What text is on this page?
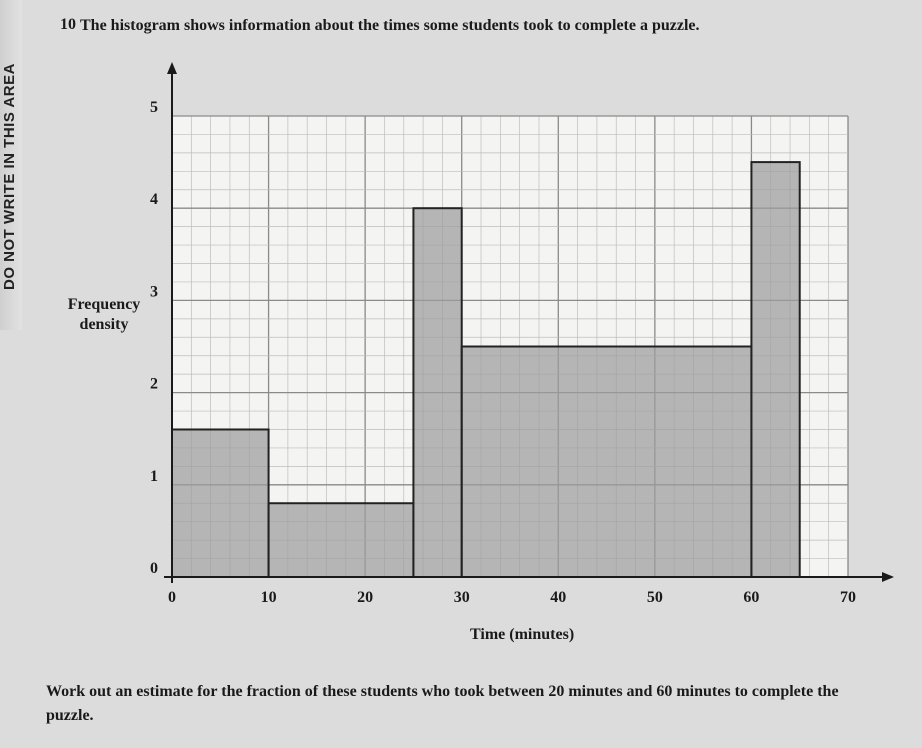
DO NOT WRITE IN THIS AREA
10 The histogram shows information about the times some students took to complete a puzzle.
Frequency
density
0	10	20	30	40	50	60	70
0
1
2
3
4
5
Time (minutes)
Work out an estimate for the fraction of these students who took between 20 minutes and 60 minutes to complete the puzzle.
